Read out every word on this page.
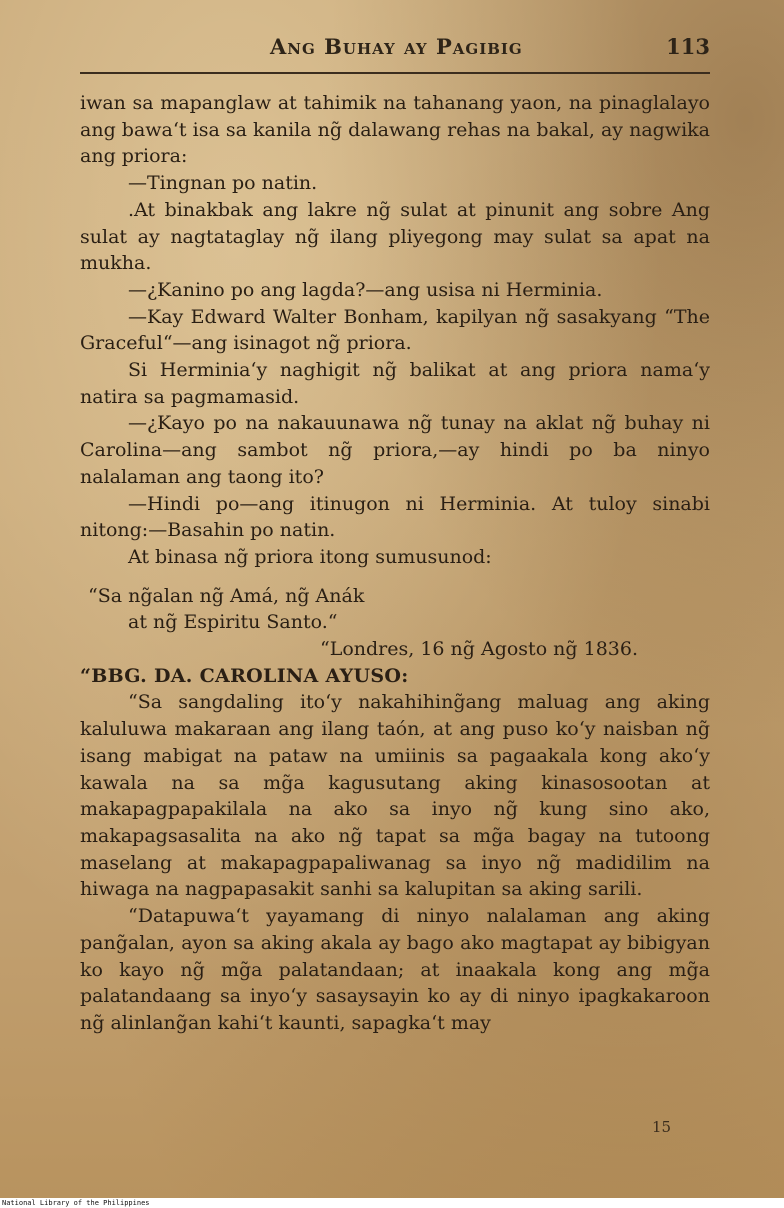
Ang Buhay ay Pagibig	113

iwan sa mapanglaw at tahimik na tahanang yaon, na pinaglalayo ang bawa‘t isa sa kanila ng̃ dalawang rehas na bakal, ay nagwika ang priora:

—Tingnan po natin.

.At binakbak ang lakre ng̃ sulat at pinunit ang sobre Ang sulat ay nagtataglay ng̃ ilang pliyegong may sulat sa apat na mukha.

—¿Kanino po ang lagda?—ang usisa ni Herminia.

—Kay Edward Walter Bonham, kapilyan ng̃ sasakyang “The Graceful“—ang isinagot ng̃ priora.

Si Herminia‘y naghigit ng̃ balikat at ang priora nama‘y natira sa pagmamasid.

—¿Kayo po na nakauunawa ng̃ tunay na aklat ng̃ buhay ni Carolina—ang sambot ng̃ priora,—ay hindi po ba ninyo nalalaman ang taong ito?

—Hindi po—ang itinugon ni Herminia. At tuloy sinabi nitong:—Basahin po natin.

At binasa ng̃ priora itong sumusunod:

“Sa ng̃alan ng̃ Amá, ng̃ Anák

at ng̃ Espiritu Santo.“

“Londres, 16 ng̃ Agosto ng̃ 1836.

“BBG. DA. CAROLINA AYUSO:

“Sa sangdaling ito‘y nakahihing̃ang maluag ang aking kaluluwa makaraan ang ilang taón, at ang puso ko‘y naisban ng̃ isang mabigat na pataw na umiinis sa pagaakala kong ako‘y kawala na sa mg̃a kagusutang aking kinasosootan at makapagpapakilala na ako sa inyo ng̃ kung sino ako, makapagsasalita na ako ng̃ tapat sa mg̃a bagay na tutoong maselang at makapagpapaliwanag sa inyo ng̃ madidilim na hiwaga na nagpapasakit sanhi sa kalupitan sa aking sarili.

“Datapuwa‘t yayamang di ninyo nalalaman ang aking pang̃alan, ayon sa aking akala ay bago ako magtapat ay bibigyan ko kayo ng̃ mg̃a palatandaan; at inaakala kong ang mg̃a palatandaang sa inyo‘y sasaysayin ko ay di ninyo ipagkakaroon ng̃ alinlang̃an kahi‘t kaunti, sapagka‘t may

15
National Library of the Philippines
